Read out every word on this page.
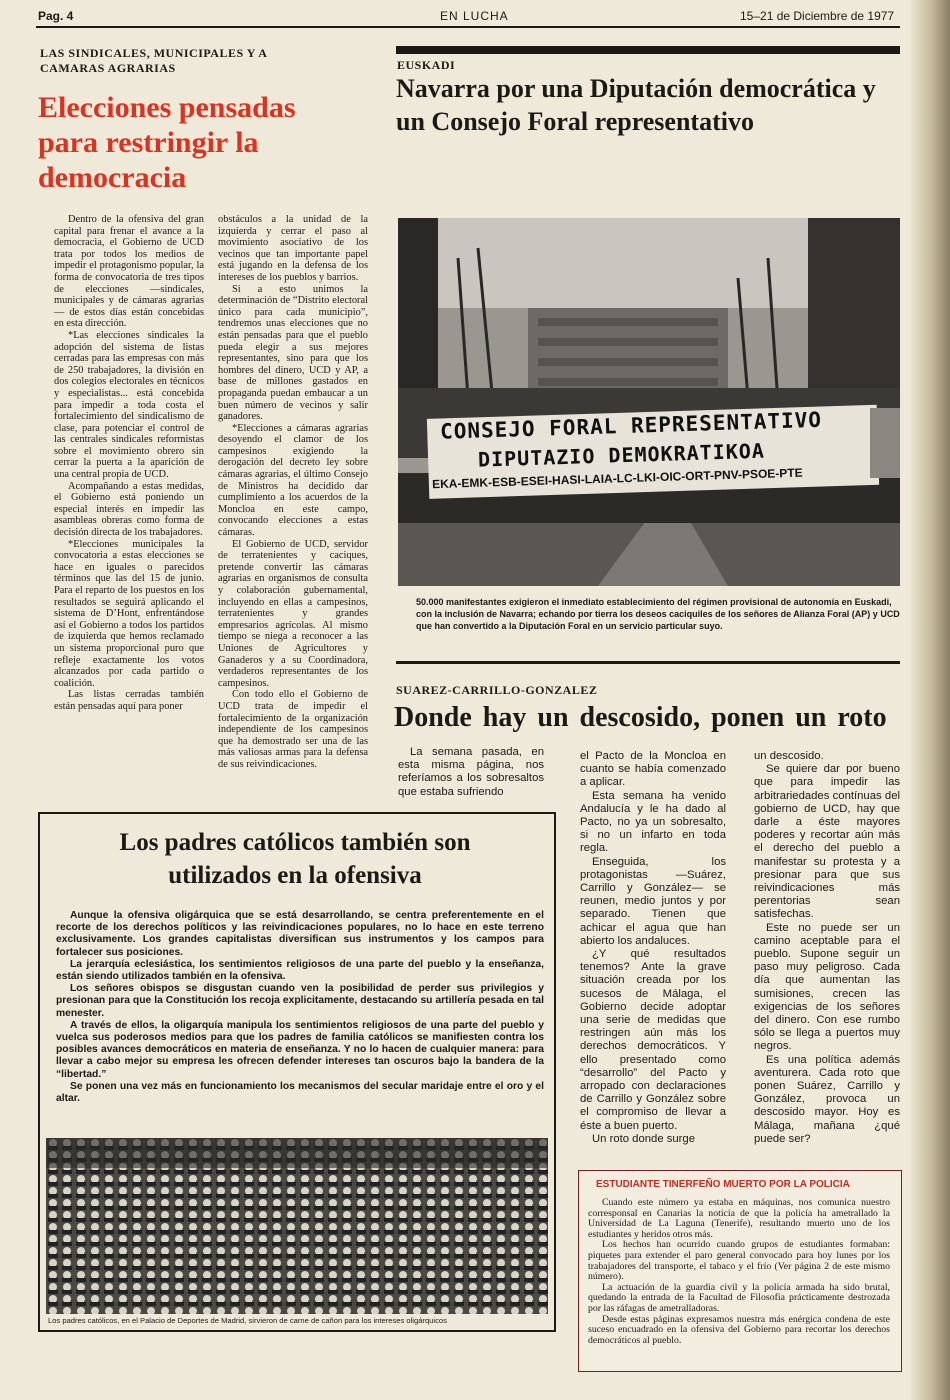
Pag. 4	EN LUCHA	15–21 de Diciembre de 1977
LAS SINDICALES, MUNICIPALES Y A CAMARAS AGRARIAS
Elecciones pensadas para restringir la democracia

Dentro de la ofensiva del gran capital para frenar el avance a la democracia, el Gobierno de UCD trata por todos los medios de impedir el protagonismo popular, la forma de convocatoria de tres tipos de elecciones —sindicales, municipales y de cámaras agrarias— de estos días están concebidas en esta dirección.

*Las elecciones sindicales la adopción del sistema de listas cerradas para las empresas con más de 250 trabajadores, la división en dos colegios electorales en técnicos y especialistas... está concebida para impedir a toda costa el fortalecimiento del sindicalismo de clase, para potenciar el control de las centrales sindicales reformistas sobre el movimiento obrero sin cerrar la puerta a la aparición de una central propia de UCD.

Acompañando a estas medidas, el Gobierno está poniendo un especial interés en impedir las asambleas obreras como forma de decisión directa de los trabajadores.

*Elecciones municipales la convocatoria a estas elecciones se hace en iguales o parecidos términos que las del 15 de junio. Para el reparto de los puestos en los resultados se seguirá aplicando el sistema de D’Hont, enfrentándose así el Gobierno a todos los partidos de izquierda que hemos reclamado un sistema proporcional puro que refleje exactamente los votos alcanzados por cada partido o coalición.

Las listas cerradas también están pensadas aquí para poner

obstáculos a la unidad de la izquierda y cerrar el paso al movimiento asociativo de los vecinos que tan importante papel está jugando en la defensa de los intereses de los pueblos y barrios.

Si a esto unimos la determinación de “Distrito electoral único para cada municipio”, tendremos unas elecciones que no están pensadas para que el pueblo pueda elegir a sus mejores representantes, sino para que los hombres del dinero, UCD y AP, a base de millones gastados en propaganda puedan embaucar a un buen número de vecinos y salir ganadores.

*Elecciones a cámaras agrarias desoyendo el clamor de los campesinos exigiendo la derogación del decreto ley sobre cámaras agrarias, el último Consejo de Ministros ha decidido dar cumplimiento a los acuerdos de la Moncloa en este campo, convocando elecciones a estas cámaras.

El Gobierno de UCD, servidor de terratenientes y caciques, pretende convertir las cámaras agrarias en organismos de consulta y colaboración gubernamental, incluyendo en ellas a campesinos, terratenientes y grandes empresarios agrícolas. Al mismo tiempo se niega a reconocer a las Uniones de Agricultores y Ganaderos y a su Coordinadora, verdaderos representantes de los campesinos.

Con todo ello el Gobierno de UCD trata de impedir el fortalecimiento de la organización independiente de los campesinos que ha demostrado ser una de las más valiosas armas para la defensa de sus reivindicaciones.

EUSKADI
Navarra por una Diputación democrática y un Consejo Foral representativo
CONSEJO FORAL REPRESENTATIVO
DIPUTAZIO DEMOKRATIKOA
EKA-EMK-ESB-ESEI-HASI-LAIA-LC-LKI-OIC-ORT-PNV-PSOE-PTE
50.000 manifestantes exigieron el inmediato establecimiento del régimen provisional de autonomía en Euskadi, con la inclusión de Navarra; echando por tierra los deseos caciquiles de los señores de Alianza Foral (AP) y UCD que han convertido a la Diputación Foral en un servicio particular suyo.
SUAREZ-CARRILLO-GONZALEZ
Donde hay un descosido, ponen un roto

La semana pasada, en esta misma página, nos referíamos a los sobresaltos que estaba sufriendo

el Pacto de la Moncloa en cuanto se había comenzado a aplicar.

Esta semana ha venido Andalucía y le ha dado al Pacto, no ya un sobresalto, si no un infarto en toda regla.

Enseguida, los protagonistas —Suárez, Carrillo y González— se reunen, medio juntos y por separado. Tienen que achicar el agua que han abierto los andaluces.

¿Y qué resultados tenemos? Ante la grave situación creada por los sucesos de Málaga, el Gobierno decide adoptar una serie de medidas que restringen aún más los derechos democráticos. Y ello presentado como “desarrollo” del Pacto y arropado con declaraciones de Carrillo y González sobre el compromiso de llevar a éste a buen puerto.

Un roto donde surge

un descosido.

Se quiere dar por bueno que para impedir las arbitrariedades contínuas del gobierno de UCD, hay que darle a éste mayores poderes y recortar aún más el derecho del pueblo a manifestar su protesta y a presionar para que sus reivindicaciones más perentorias sean satisfechas.

Este no puede ser un camino aceptable para el pueblo. Supone seguir un paso muy peligroso. Cada día que aumentan las sumisiones, crecen las exigencias de los señores del dinero. Con ese rumbo sólo se llega a puertos muy negros.

Es una política además aventurera. Cada roto que ponen Suárez, Carrillo y González, provoca un descosido mayor. Hoy es Málaga, mañana ¿qué puede ser?

Los padres católicos también son utilizados en la ofensiva

Aunque la ofensiva oligárquica que se está desarrollando, se centra preferentemente en el recorte de los derechos políticos y las reivindicaciones populares, no lo hace en este terreno exclusivamente. Los grandes capitalistas diversifican sus instrumentos y los campos para fortalecer sus posiciones.

La jerarquía eclesiástica, los sentimientos religiosos de una parte del pueblo y la enseñanza, están siendo utilizados también en la ofensiva.

Los señores obispos se disgustan cuando ven la posibilidad de perder sus privilegios y presionan para que la Constitución los recoja explicitamente, destacando su artillería pesada en tal menester.

A través de ellos, la oligarquía manipula los sentimientos religiosos de una parte del pueblo y vuelca sus poderosos medios para que los padres de familia católicos se manifiesten contra los posibles avances democráticos en materia de enseñanza. Y no lo hacen de cualquier manera: para llevar a cabo mejor su empresa les ofrecen defender intereses tan oscuros bajo la bandera de la “libertad.”

Se ponen una vez más en funcionamiento los mecanismos del secular maridaje entre el oro y el altar.

Los padres católicos, en el Palacio de Deportes de Madrid, sirvieron de carne de cañon para los intereses oligárquicos
ESTUDIANTE TINERFEÑO MUERTO POR LA POLICIA

Cuando este número ya estaba en máquinas, nos comunica nuestro corresponsal en Canarias la noticia de que la policía ha ametrallado la Universidad de La Laguna (Tenerife), resultando muerto uno de los estudiantes y heridos otros más.

Los hechos han ocurrido cuando grupos de estudiantes formaban: piquetes para extender el paro general convocado para hoy lunes por los trabajadores del transporte, el tabaco y el frío (Ver página 2 de este mismo número).

La actuación de la guardia civil y la policía armada ha sido brutal, quedando la entrada de la Facultad de Filosofía prácticamente destrozada por las ráfagas de ametralladoras.

Desde estas páginas expresamos nuestra más enérgica condena de este suceso encuadrado en la ofensiva del Gobierno para recortar los derechos democráticos al pueblo.
